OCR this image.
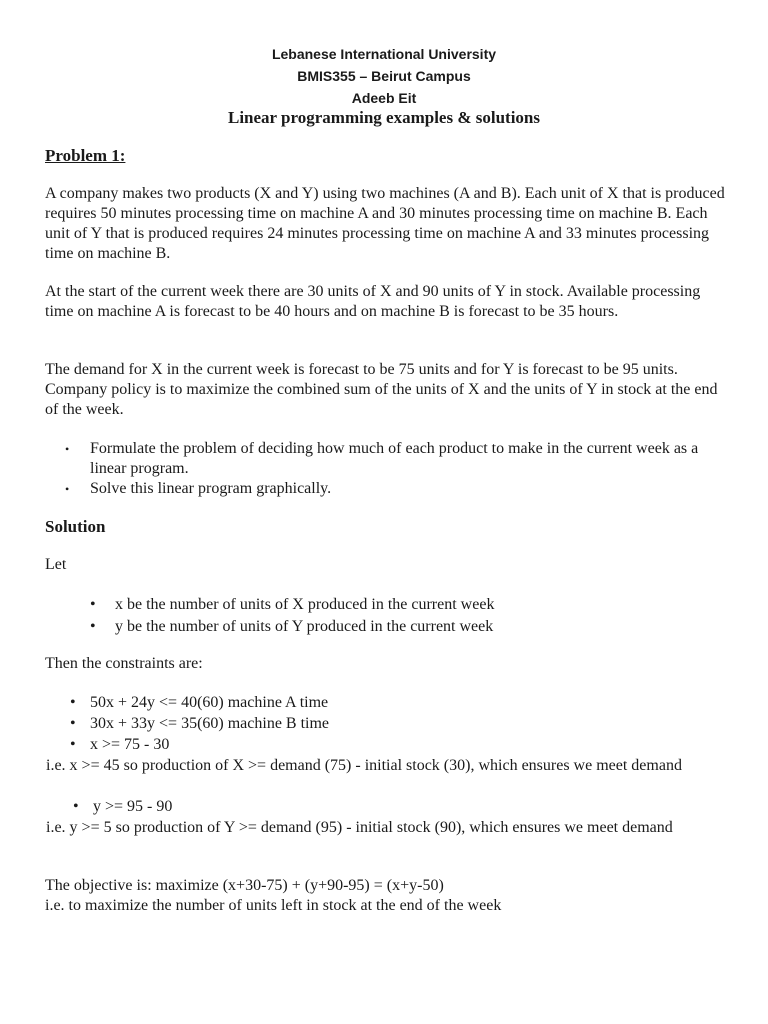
Lebanese International University
BMIS355 – Beirut Campus
Adeeb Eit
Linear programming examples & solutions
Problem 1:
A company makes two products (X and Y) using two machines (A and B). Each unit of X that is produced requires 50 minutes processing time on machine A and 30 minutes processing time on machine B. Each unit of Y that is produced requires 24 minutes processing time on machine A and 33 minutes processing time on machine B.
At the start of the current week there are 30 units of X and 90 units of Y in stock. Available processing time on machine A is forecast to be 40 hours and on machine B is forecast to be 35 hours.
The demand for X in the current week is forecast to be 75 units and for Y is forecast to be 95 units. Company policy is to maximize the combined sum of the units of X and the units of Y in stock at the end of the week.
•	Formulate the problem of deciding how much of each product to make in the current week as a linear program.
•	Solve this linear program graphically.
Solution
Let
•	x be the number of units of X produced in the current week
•	y be the number of units of Y produced in the current week
Then the constraints are:
• 50x + 24y <= 40(60) machine A time
• 30x + 33y <= 35(60) machine B time
• x >= 75 - 30
i.e. x >= 45 so production of X >= demand (75) - initial stock (30), which ensures we meet demand
• y >= 95 - 90
i.e. y >= 5 so production of Y >= demand (95) - initial stock (90), which ensures we meet demand
The objective is: maximize (x+30-75) + (y+90-95) = (x+y-50)
i.e. to maximize the number of units left in stock at the end of the week
